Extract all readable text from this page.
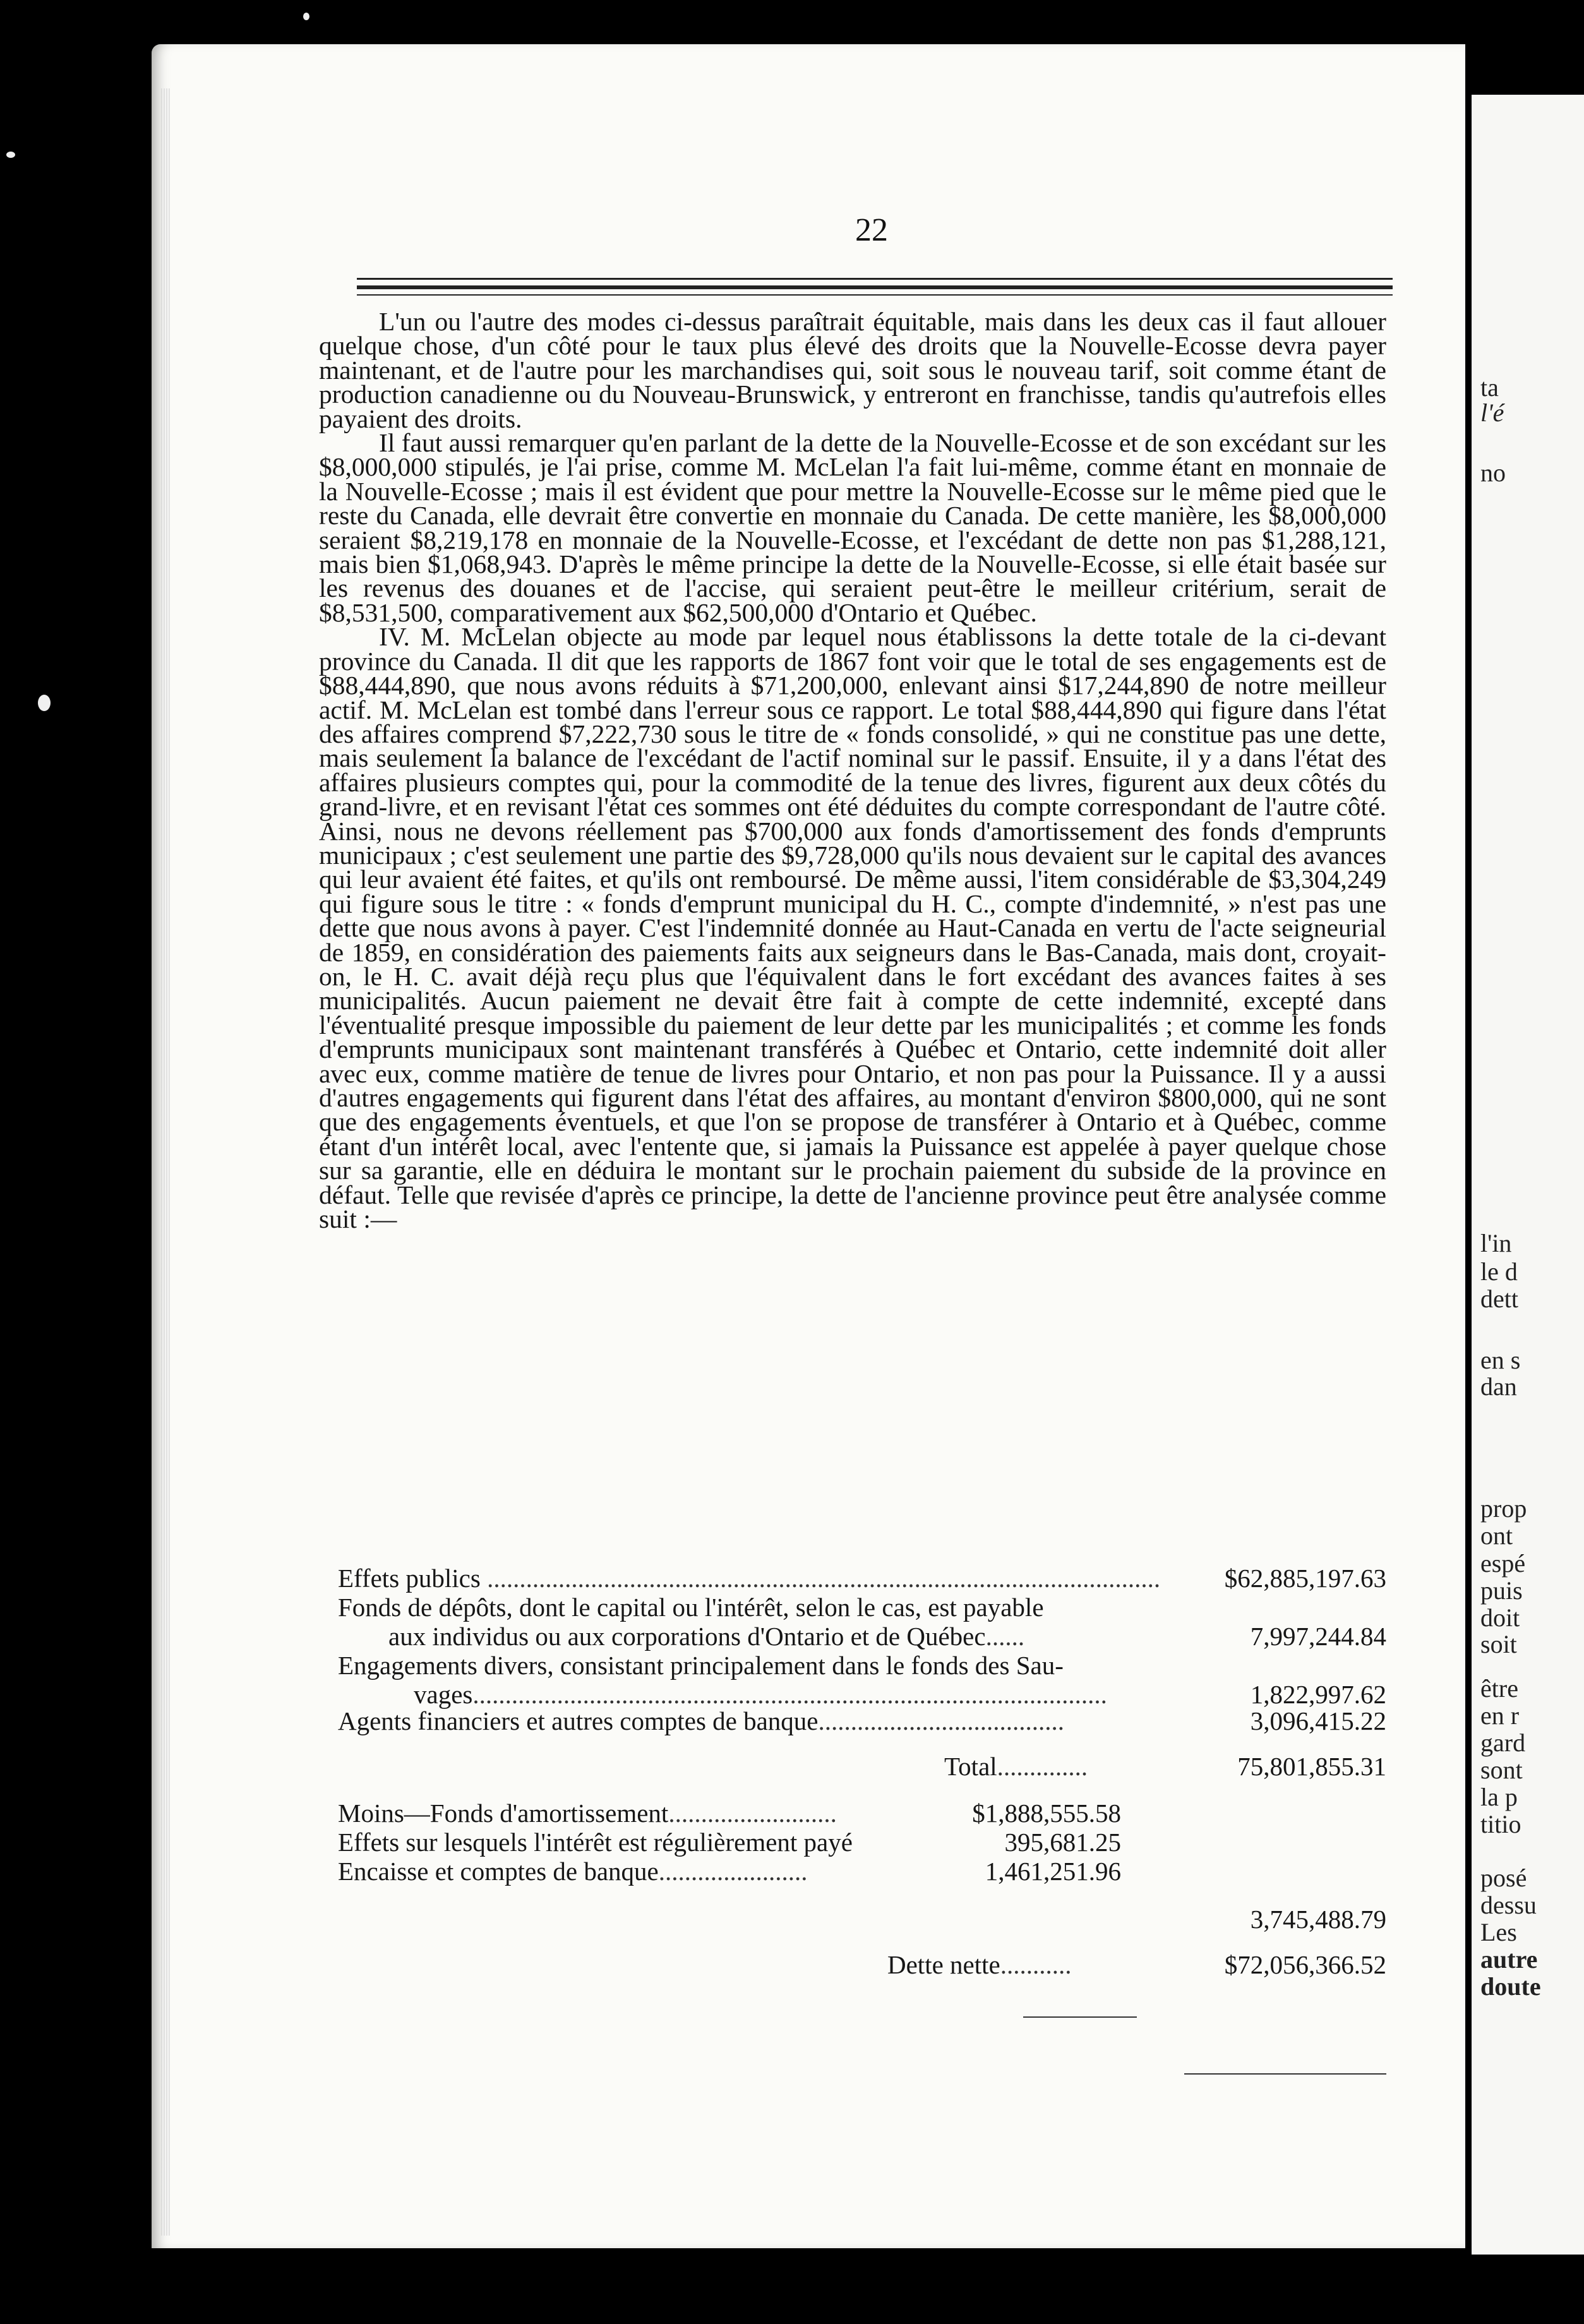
22

L'un ou l'autre des modes ci-dessus paraîtrait équitable, mais dans les deux cas il faut allouer quelque chose, d'un côté pour le taux plus élevé des droits que la Nouvelle-Ecosse devra payer maintenant, et de l'autre pour les marchandises qui, soit sous le nouveau tarif, soit comme étant de production canadienne ou du Nouveau-Brunswick, y entreront en franchisse, tandis qu'autrefois elles payaient des droits.

Il faut aussi remarquer qu'en parlant de la dette de la Nouvelle-Ecosse et de son excédant sur les $8,000,000 stipulés, je l'ai prise, comme M. McLelan l'a fait lui-même, comme étant en monnaie de la Nouvelle-Ecosse ; mais il est évident que pour mettre la Nouvelle-Ecosse sur le même pied que le reste du Canada, elle devrait être convertie en monnaie du Canada. De cette manière, les $8,000,000 seraient $8,219,178 en monnaie de la Nouvelle-Ecosse, et l'excédant de dette non pas $1,288,121, mais bien $1,068,943. D'après le même principe la dette de la Nouvelle-Ecosse, si elle était basée sur les revenus des douanes et de l'accise, qui seraient peut-être le meilleur critérium, serait de $8,531,500, comparativement aux $62,500,000 d'Ontario et Québec.

IV. M. McLelan objecte au mode par lequel nous établissons la dette totale de la ci-devant province du Canada. Il dit que les rapports de 1867 font voir que le total de ses engagements est de $88,444,890, que nous avons réduits à $71,200,000, enlevant ainsi $17,244,890 de notre meilleur actif. M. McLelan est tombé dans l'erreur sous ce rapport. Le total $88,444,890 qui figure dans l'état des affaires comprend $7,222,730 sous le titre de « fonds consolidé, » qui ne constitue pas une dette, mais seulement la balance de l'excédant de l'actif nominal sur le passif. Ensuite, il y a dans l'état des affaires plusieurs comptes qui, pour la commodité de la tenue des livres, figurent aux deux côtés du grand-livre, et en revisant l'état ces sommes ont été déduites du compte correspondant de l'autre côté. Ainsi, nous ne devons réellement pas $700,000 aux fonds d'amortissement des fonds d'emprunts municipaux ; c'est seulement une partie des $9,728,000 qu'ils nous devaient sur le capital des avances qui leur avaient été faites, et qu'ils ont remboursé. De même aussi, l'item considérable de $3,304,249 qui figure sous le titre : « fonds d'emprunt municipal du H. C., compte d'indemnité, » n'est pas une dette que nous avons à payer. C'est l'indemnité donnée au Haut-Canada en vertu de l'acte seigneurial de 1859, en considération des paiements faits aux seigneurs dans le Bas-Canada, mais dont, croyait-on, le H. C. avait déjà reçu plus que l'équivalent dans le fort excédant des avances faites à ses municipalités. Aucun paiement ne devait être fait à compte de cette indemnité, excepté dans l'éventualité presque impossible du paiement de leur dette par les municipalités ; et comme les fonds d'emprunts municipaux sont maintenant transférés à Québec et Ontario, cette indemnité doit aller avec eux, comme matière de tenue de livres pour Ontario, et non pas pour la Puissance. Il y a aussi d'autres engagements qui figurent dans l'état des affaires, au montant d'environ $800,000, qui ne sont que des engagements éventuels, et que l'on se propose de transférer à Ontario et à Québec, comme étant d'un intérêt local, avec l'entente que, si jamais la Puissance est appelée à payer quelque chose sur sa garantie, elle en déduira le montant sur le prochain paiement du subside de la province en défaut. Telle que revisée d'après ce principe, la dette de l'ancienne province peut être analysée comme suit :—

Effets publics ........................................................................................................ $62,885,197.63
Fonds de dépôts, dont le capital ou l'intérêt, selon le cas, est payable
aux individus ou aux corporations d'Ontario et de Québec......	7,997,244.84
Engagements divers, consistant principalement dans le fonds des Sau-
vages..................................................................................................	1,822,997.62
Agents financiers et autres comptes de banque......................................	3,096,415.22
Total..............	75,801,855.31
Moins—Fonds d'amortissement..........................	$1,888,555.58
Effets sur lesquels l'intérêt est régulièrement payé	395,681.25
Encaisse et comptes de banque.......................	1,461,251.96
3,745,488.79
Dette nette...........	$72,056,366.52
ta
l'é
no
l'in
le d
dett
en s
dan
prop
ont
espé
puis
doit
soit
être
en r
gard
sont
la p
titio
posé
dessu
Les
autre
doute
